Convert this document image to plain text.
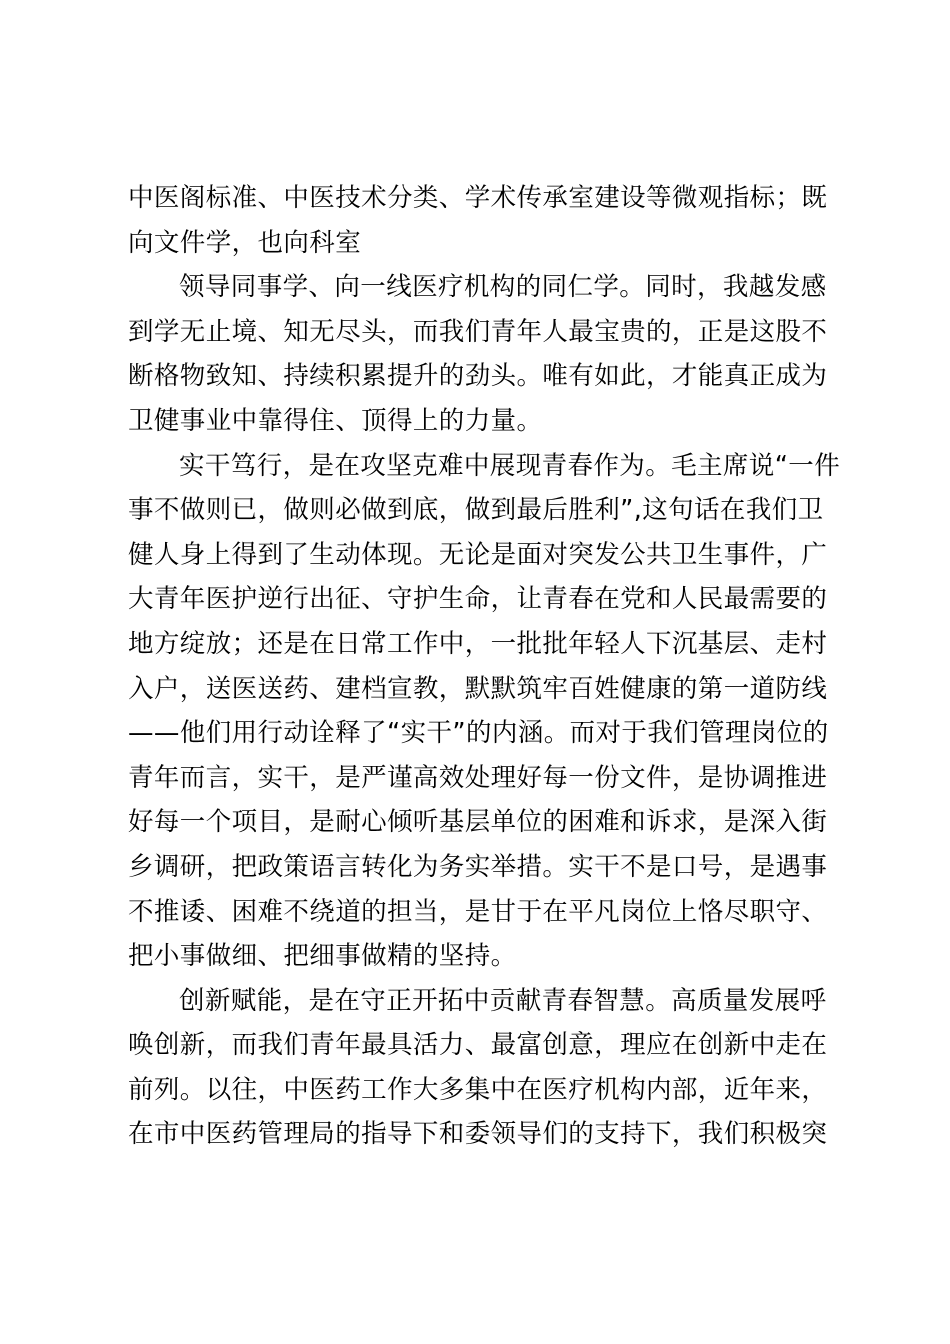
中医阁标准、中医技术分类、学术传承室建设等微观指标；既
向文件学，也向科室
领导同事学、向一线医疗机构的同仁学。同时，我越发感
到学无止境、知无尽头，而我们青年人最宝贵的，正是这股不
断格物致知、持续积累提升的劲头。唯有如此，才能真正成为
卫健事业中靠得住、顶得上的力量。
实干笃行，是在攻坚克难中展现青春作为。毛主席说“一件
事不做则已，做则必做到底，做到最后胜利”,这句话在我们卫
健人身上得到了生动体现。无论是面对突发公共卫生事件，广
大青年医护逆行出征、守护生命，让青春在党和人民最需要的
地方绽放；还是在日常工作中，一批批年轻人下沉基层、走村
入户，送医送药、建档宣教，默默筑牢百姓健康的第一道防线
——他们用行动诠释了“实干”的内涵。而对于我们管理岗位的
青年而言，实干，是严谨高效处理好每一份文件，是协调推进
好每一个项目，是耐心倾听基层单位的困难和诉求，是深入街
乡调研，把政策语言转化为务实举措。实干不是口号，是遇事
不推诿、困难不绕道的担当，是甘于在平凡岗位上恪尽职守、
把小事做细、把细事做精的坚持。
创新赋能，是在守正开拓中贡献青春智慧。高质量发展呼
唤创新，而我们青年最具活力、最富创意，理应在创新中走在
前列。以往，中医药工作大多集中在医疗机构内部，近年来，
在市中医药管理局的指导下和委领导们的支持下，我们积极突
